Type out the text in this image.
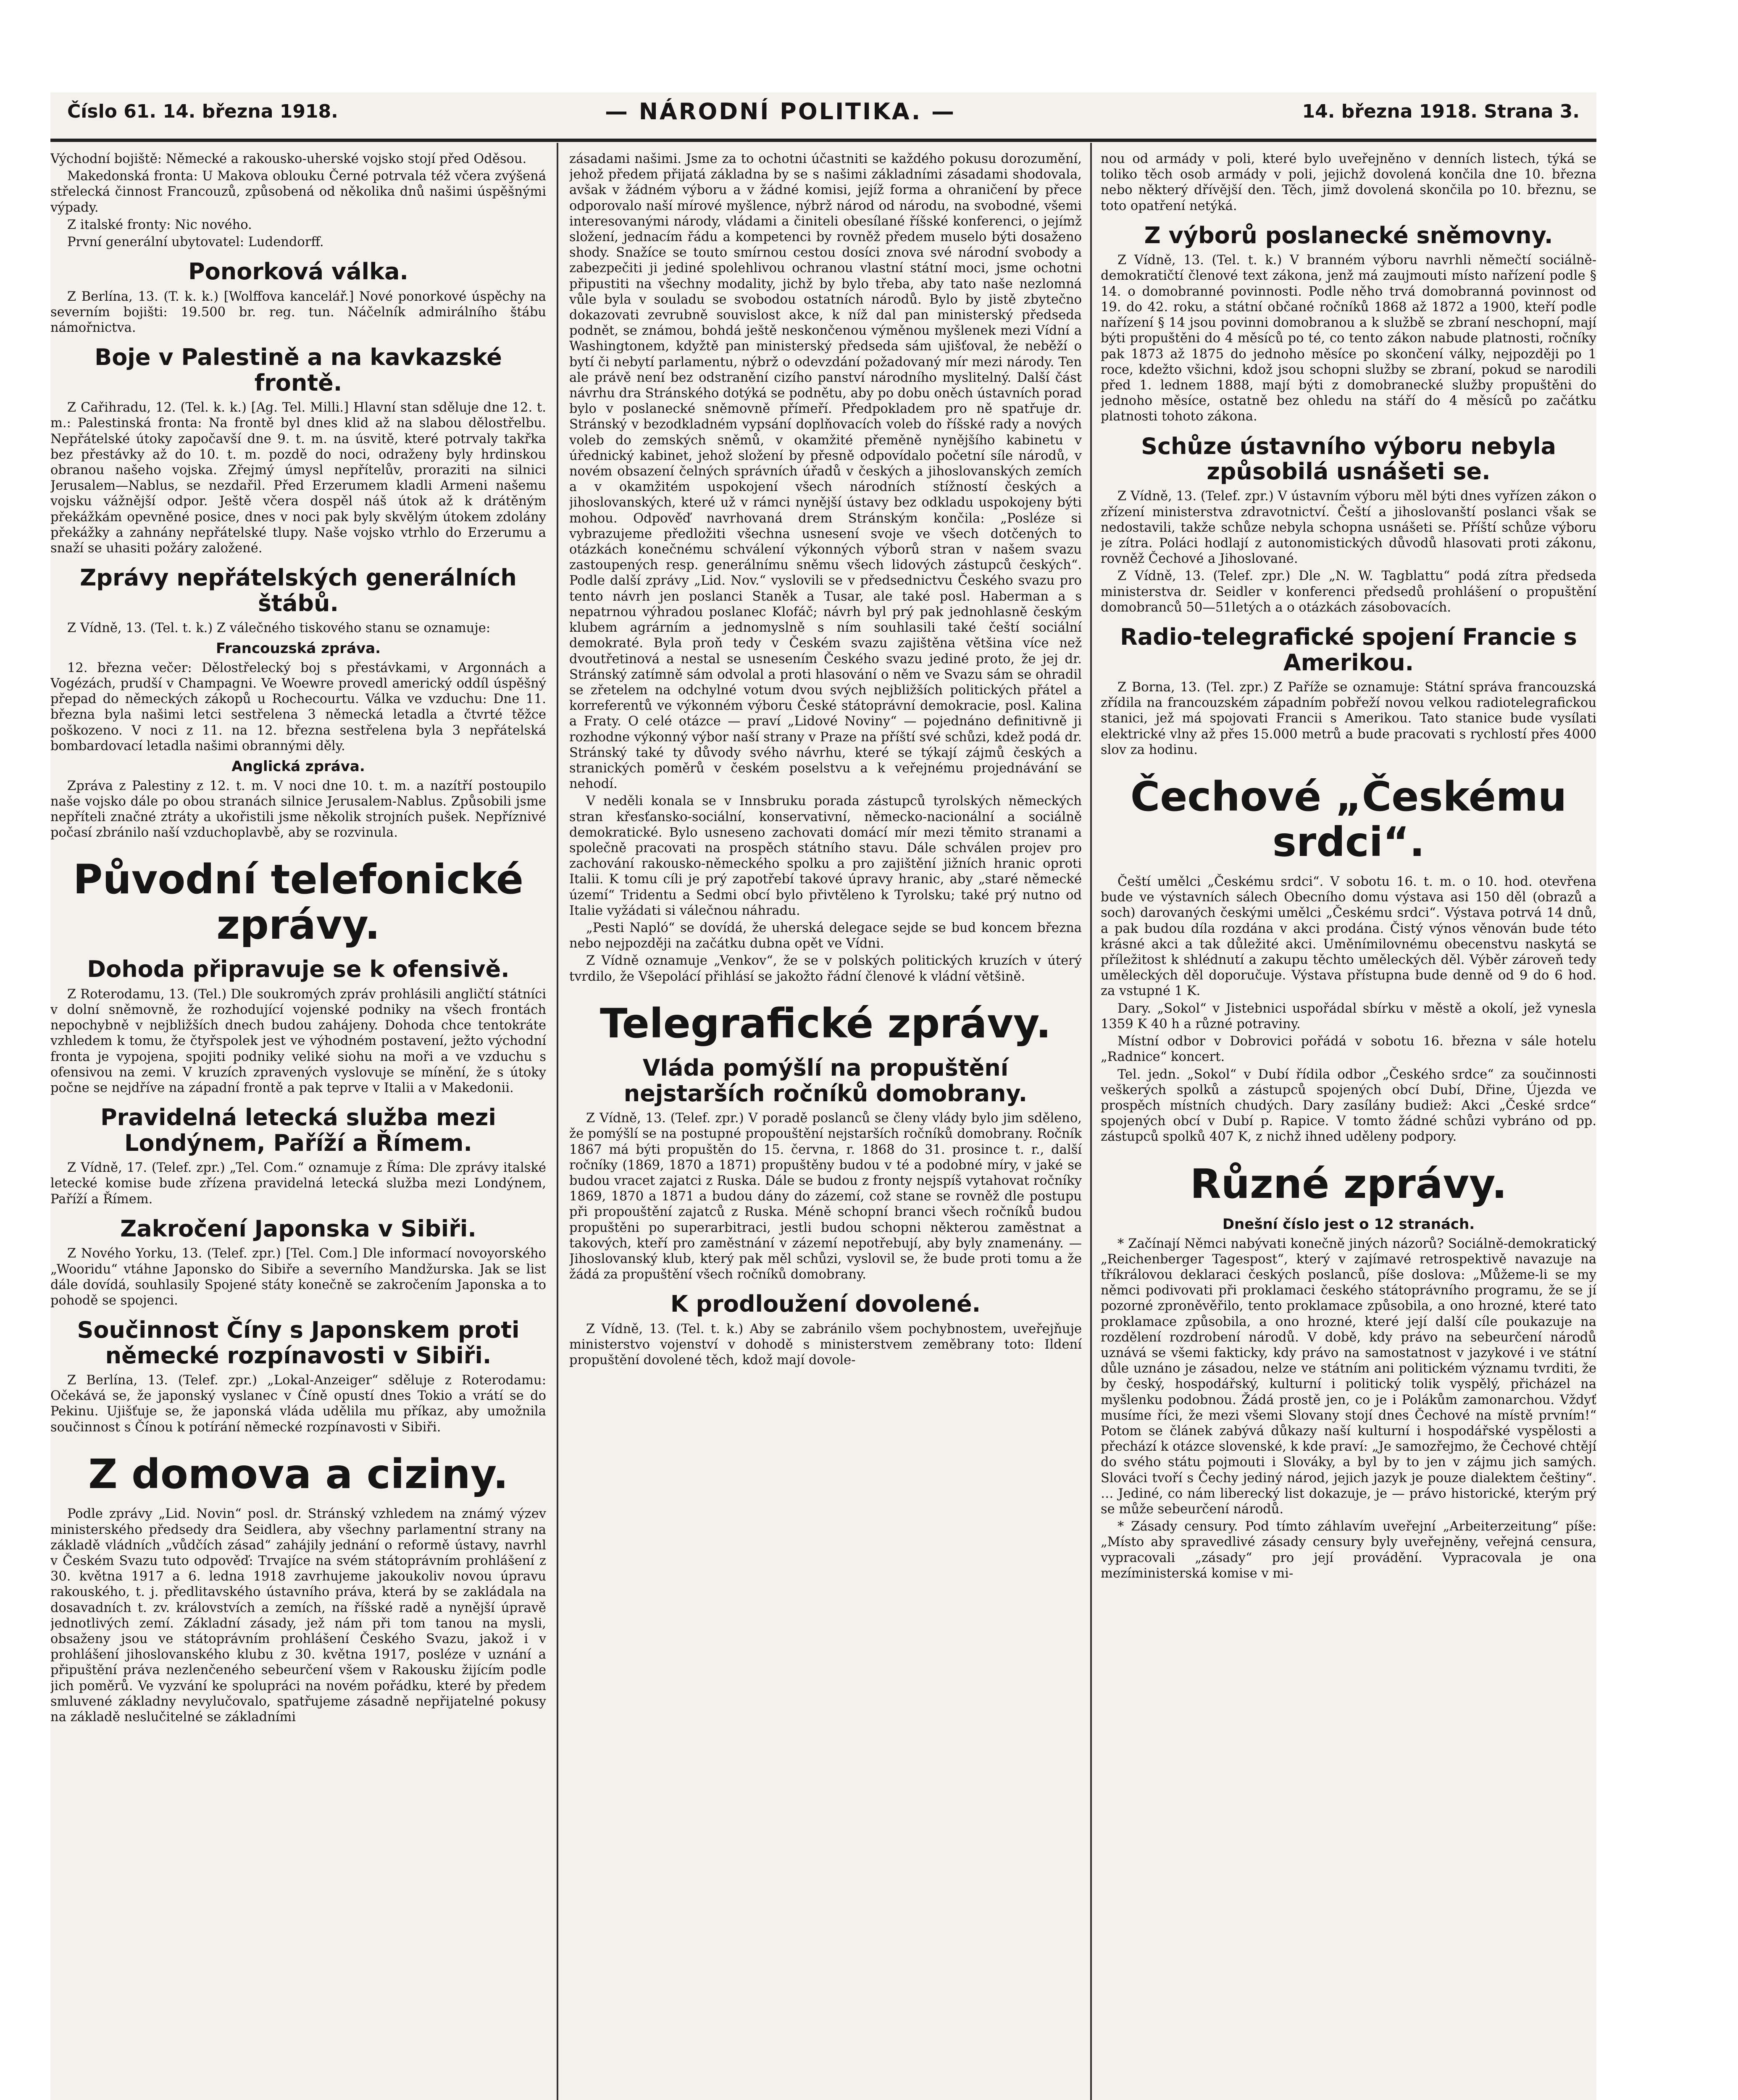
Číslo 61. 14. března 1918.	— NÁRODNÍ POLITIKA. —	14. března 1918. Strana 3.

Východní bojiště: Německé a rakousko-uherské vojsko stojí před Oděsou.

Makedonská fronta: U Makova oblouku Černé potrvala též včera zvýšená střelecká činnost Francouzů, způsobená od několika dnů našimi úspěšnými výpady.

Z italské fronty: Nic nového.

První generální ubytovatel: Ludendorff.

Ponorková válka.

Z Berlína, 13. (T. k. k.) [Wolffova kancelář.] Nové ponorkové úspěchy na severním bojišti: 19.500 br. reg. tun. Náčelník admirálního štábu námořnictva.

Boje v Palestině a na kavkazské frontě.

Z Cařihradu, 12. (Tel. k. k.) [Ag. Tel. Milli.] Hlavní stan sděluje dne 12. t. m.: Palestinská fronta: Na frontě byl dnes klid až na slabou dělostřelbu. Nepřátelské útoky započavší dne 9. t. m. na úsvitě, které potrvaly takřka bez přestávky až do 10. t. m. pozdě do noci, odraženy byly hrdinskou obranou našeho vojska. Zřejmý úmysl nepřítelův, proraziti na silnici Jerusalem—Nablus, se nezdařil. Před Erzerumem kladli Armeni našemu vojsku vážnější odpor. Ještě včera dospěl náš útok až k drátěným překážkám opevněné posice, dnes v noci pak byly skvělým útokem zdolány překážky a zahnány nepřátelské tlupy. Naše vojsko vtrhlo do Erzerumu a snaží se uhasiti požáry založené.

Zprávy nepřátelských generálních štábů.

Z Vídně, 13. (Tel. t. k.) Z válečného tiskového stanu se oznamuje:

Francouzská zpráva.

12. března večer: Dělostřelecký boj s přestávkami, v Argonnách a Vogézách, prudší v Champagni. Ve Woewre provedl americký oddíl úspěšný přepad do německých zákopů u Rochecourtu. Válka ve vzduchu: Dne 11. března byla našimi letci sestřelena 3 německá letadla a čtvrté těžce poškozeno. V noci z 11. na 12. března sestřelena byla 3 nepřátelská bombardovací letadla našimi obrannými děly.

Anglická zpráva.

Zpráva z Palestiny z 12. t. m. V noci dne 10. t. m. a nazítří postoupilo naše vojsko dále po obou stranách silnice Jerusalem-Nablus. Způsobili jsme nepříteli značné ztráty a ukořistili jsme několik strojních pušek. Nepříznivé počasí zbránilo naší vzduchoplavbě, aby se rozvinula.

Původní telefonické zprávy.
Dohoda připravuje se k ofensivě.

Z Roterodamu, 13. (Tel.) Dle soukromých zpráv prohlásili angličtí státníci v dolní sněmovně, že rozhodující vojenské podniky na všech frontách nepochybně v nejbližších dnech budou zahájeny. Dohoda chce tentokráte vzhledem k tomu, že čtyřspolek jest ve výhodném postavení, ježto východní fronta je vypojena, spojiti podniky veliké siohu na moři a ve vzduchu s ofensivou na zemi. V kruzích zpravených vyslovuje se mínění, že s útoky počne se nejdříve na západní frontě a pak teprve v Italii a v Makedonii.

Pravidelná letecká služba mezi Londýnem, Paříží a Římem.

Z Vídně, 17. (Telef. zpr.) „Tel. Com.“ oznamuje z Říma: Dle zprávy italské letecké komise bude zřízena pravidelná letecká služba mezi Londýnem, Paříží a Římem.

Zakročení Japonska v Sibiři.

Z Nového Yorku, 13. (Telef. zpr.) [Tel. Com.] Dle informací novoyorského „Wooridu“ vtáhne Japonsko do Sibiře a severního Mandžurska. Jak se list dále dovídá, souhlasily Spojené státy konečně se zakročením Japonska a to pohodě se spojenci.

Součinnost Číny s Japonskem proti německé rozpínavosti v Sibiři.

Z Berlína, 13. (Telef. zpr.) „Lokal-Anzeiger“ sděluje z Roterodamu: Očekává se, že japonský vyslanec v Číně opustí dnes Tokio a vrátí se do Pekinu. Ujišťuje se, že japonská vláda udělila mu příkaz, aby umožnila součinnost s Čínou k potírání německé rozpínavosti v Sibiři.

Z domova a ciziny.

Podle zprávy „Lid. Novin“ posl. dr. Stránský vzhledem na známý výzev ministerského předsedy dra Seidlera, aby všechny parlamentní strany na základě vládních „vůdčích zásad“ zahájily jednání o reformě ústavy, navrhl v Českém Svazu tuto odpověď: Trvajíce na svém státoprávním prohlášení z 30. května 1917 a 6. ledna 1918 zavrhujeme jakoukoliv novou úpravu rakouského, t. j. předlitavského ústavního práva, která by se zakládala na dosavadních t. zv. královstvích a zemích, na říšské radě a nynější úpravě jednotlivých zemí. Základní zásady, jež nám při tom tanou na mysli, obsaženy jsou ve státoprávním prohlášení Českého Svazu, jakož i v prohlášení jihoslovanského klubu z 30. května 1917, posléze v uznání a připuštění práva nezlenčeného sebeurčení všem v Rakousku žijícím podle jich poměrů. Ve vyzvání ke spolupráci na novém pořádku, které by předem smluvené základny nevylučovalo, spatřujeme zásadně nepřijatelné pokusy na základě neslučitelné se základními

zásadami našimi. Jsme za to ochotni účastniti se každého pokusu dorozumění, jehož předem přijatá základna by se s našimi základními zásadami shodovala, avšak v žádném výboru a v žádné komisi, jejíž forma a ohraničení by přece odporovalo naší mírové myšlence, nýbrž národ od národu, na svobodné, všemi interesovanými národy, vládami a činiteli obesílané říšské konferenci, o jejímž složení, jednacím řádu a kompetenci by rovněž předem muselo býti dosaženo shody. Snažíce se touto smírnou cestou dosíci znova své národní svobody a zabezpečiti ji jediné spolehlivou ochranou vlastní státní moci, jsme ochotni připustiti na všechny modality, jichž by bylo třeba, aby tato naše nezlomná vůle byla v souladu se svobodou ostatních národů. Bylo by jistě zbytečno dokazovati zevrubně souvislost akce, k níž dal pan ministerský předseda podnět, se známou, bohdá ještě neskončenou výměnou myšlenek mezi Vídní a Washingtonem, kdyžtě pan ministerský předseda sám ujišťoval, že neběží o bytí či nebytí parlamentu, nýbrž o odevzdání požadovaný mír mezi národy. Ten ale právě není bez odstranění cizího panství národního myslitelný. Další část návrhu dra Stránského dotýká se podnětu, aby po dobu oněch ústavních porad bylo v poslanecké sněmovně přímeří. Předpokladem pro ně spatřuje dr. Stránský v bezodkladném vypsání doplňovacích voleb do říšské rady a nových voleb do zemských sněmů, v okamžité přeměně nynějšího kabinetu v úřednický kabinet, jehož složení by přesně odpovídalo početní síle národů, v novém obsazení čelných správních úřadů v českých a jihoslovanských zemích a v okamžitém uspokojení všech národních stížností českých a jihoslovanských, které už v rámci nynější ústavy bez odkladu uspokojeny býti mohou. Odpověď navrhovaná drem Stránským končila: „Posléze si vybrazujeme předložiti všechna usnesení svoje ve všech dotčených to otázkách konečnému schválení výkonných výborů stran v našem svazu zastoupených resp. generálnímu sněmu všech lidových zástupců českých“. Podle další zprávy „Lid. Nov.“ vyslovili se v předsednictvu Českého svazu pro tento návrh jen poslanci Staněk a Tusar, ale také posl. Haberman a s nepatrnou výhradou poslanec Klofáč; návrh byl prý pak jednohlasně českým klubem agrárním a jednomyslně s ním souhlasili také čeští sociální demokraté. Byla proň tedy v Českém svazu zajištěna většina více než dvoutřetinová a nestal se usnesením Českého svazu jediné proto, že jej dr. Stránský zatímně sám odvolal a proti hlasování o něm ve Svazu sám se ohradil se zřetelem na odchylné votum dvou svých nejbližších politických přátel a korreferentů ve výkonném výboru České státoprávní demokracie, posl. Kalina a Fraty. O celé otázce — praví „Lidové Noviny“ — pojednáno definitivně ji rozhodne výkonný výbor naší strany v Praze na příští své schůzi, kdež podá dr. Stránský také ty důvody svého návrhu, které se týkají zájmů českých a stranických poměrů v českém poselstvu a k veřejnému projednávání se nehodí.

V neděli konala se v Innsbruku porada zástupců tyrolských německých stran křesťansko-sociální, konservativní, německo-nacionální a sociálně demokratické. Bylo usneseno zachovati domácí mír mezi těmito stranami a společně pracovati na prospěch státního stavu. Dále schválen projev pro zachování rakousko-německého spolku a pro zajištění jižních hranic oproti Italii. K tomu cíli je prý zapotřebí takové úpravy hranic, aby „staré německé území“ Tridentu a Sedmi obcí bylo přivtěleno k Tyrolsku; také prý nutno od Italie vyžádati si válečnou náhradu.

„Pesti Napló“ se dovídá, že uherská delegace sejde se bud koncem března nebo nejpozději na začátku dubna opět ve Vídni.

Z Vídně oznamuje „Venkov“, že se v polských politických kruzích v úterý tvrdilo, že Všepolácí přihlásí se jakožto řádní členové k vládní většině.

Telegrafické zprávy.
Vláda pomýšlí na propuštění nejstarších ročníků domobrany.

Z Vídně, 13. (Telef. zpr.) V poradě poslanců se členy vlády bylo jim sděleno, že pomýšlí se na postupné propouštění nejstarších ročníků domobrany. Ročník 1867 má býti propuštěn do 15. června, r. 1868 do 31. prosince t. r., další ročníky (1869, 1870 a 1871) propuštěny budou v té a podobné míry, v jaké se budou vracet zajatci z Ruska. Dále se budou z fronty nejspíš vytahovat ročníky 1869, 1870 a 1871 a budou dány do zázemí, což stane se rovněž dle postupu při propouštění zajatců z Ruska. Méně schopní branci všech ročníků budou propuštěni po superarbitraci, jestli budou schopni některou zaměstnat a takových, kteří pro zaměstnání v zázemí nepotřebují, aby byly znamenány. — Jihoslovanský klub, který pak měl schůzi, vyslovil se, že bude proti tomu a že žádá za propuštění všech ročníků domobrany.

K prodloužení dovolené.

Z Vídně, 13. (Tel. t. k.) Aby se zabránilo všem pochybnostem, uveřejňuje ministerstvo vojenství v dohodě s ministerstvem zeměbrany toto: Ildení propuštění dovolené těch, kdož mají dovole-

nou od armády v poli, které bylo uveřejněno v denních listech, týká se toliko těch osob armády v poli, jejichž dovolená končila dne 10. března nebo některý dřívější den. Těch, jimž dovolená skončila po 10. březnu, se toto opatření netýká.

Z výborů poslanecké sněmovny.

Z Vídně, 13. (Tel. t. k.) V branném výboru navrhli němečtí sociálně-demokratičtí členové text zákona, jenž má zaujmouti místo nařízení podle § 14. o domobranné povinnosti. Podle něho trvá domobranná povinnost od 19. do 42. roku, a státní občané ročníků 1868 až 1872 a 1900, kteří podle nařízení § 14 jsou povinni domobranou a k službě se zbraní neschopní, mají býti propuštěni do 4 měsíců po té, co tento zákon nabude platnosti, ročníky pak 1873 až 1875 do jednoho měsíce po skončení války, nejpozději po 1 roce, kdežto všichni, kdož jsou schopni služby se zbraní, pokud se narodili před 1. lednem 1888, mají býti z domobranecké služby propuštěni do jednoho měsíce, ostatně bez ohledu na stáří do 4 měsíců po začátku platnosti tohoto zákona.

Schůze ústavního výboru nebyla způsobilá usnášeti se.

Z Vídně, 13. (Telef. zpr.) V ústavním výboru měl býti dnes vyřízen zákon o zřízení ministerstva zdravotnictví. Čeští a jihoslovanští poslanci však se nedostavili, takže schůze nebyla schopna usnášeti se. Příští schůze výboru je zítra. Poláci hodlají z autonomistických důvodů hlasovati proti zákonu, rovněž Čechové a Jihoslované.

Z Vídně, 13. (Telef. zpr.) Dle „N. W. Tagblattu“ podá zítra předseda ministerstva dr. Seidler v konferenci předsedů prohlášení o propuštění domobranců 50—51letých a o otázkách zásobovacích.

Radio-telegrafické spojení Francie s Amerikou.

Z Borna, 13. (Tel. zpr.) Z Paříže se oznamuje: Státní správa francouzská zřídila na francouzském západním pobřeží novou velkou radiotelegrafickou stanici, jež má spojovati Francii s Amerikou. Tato stanice bude vysílati elektrické vlny až přes 15.000 metrů a bude pracovati s rychlostí přes 4000 slov za hodinu.

Čechové „Českému srdci“.

Čeští umělci „Českému srdci“. V sobotu 16. t. m. o 10. hod. otevřena bude ve výstavních sálech Obecního domu výstava asi 150 děl (obrazů a soch) darovaných českými umělci „Českému srdci“. Výstava potrvá 14 dnů, a pak budou díla rozdána v akci prodána. Čistý výnos věnován bude této krásné akci a tak důležité akci. Uměnímilovnému obecenstvu naskytá se příležitost k shlédnutí a zakupu těchto uměleckých děl. Výběr zároveň tedy uměleckých děl doporučuje. Výstava přístupna bude denně od 9 do 6 hod. za vstupné 1 K.

Dary. „Sokol“ v Jistebnici uspořádal sbírku v městě a okolí, jež vynesla 1359 K 40 h a různé potraviny.

Místní odbor v Dobrovici pořádá v sobotu 16. března v sále hotelu „Radnice“ koncert.

Tel. jedn. „Sokol“ v Dubí řídila odbor „Českého srdce“ za součinnosti veškerých spolků a zástupců spojených obcí Dubí, Dřine, Újezda ve prospěch místních chudých. Dary zasílány budiež: Akci „České srdce“ spojených obcí v Dubí p. Rapice. V tomto žádné schůzi vybráno od pp. zástupců spolků 407 K, z nichž ihned uděleny podpory.

Různé zprávy.
Dnešní číslo jest o 12 stranách.

* Začínají Němci nabývati konečně jiných názorů? Sociálně-demokratický „Reichenberger Tagespost“, který v zajímavé retrospektivě navazuje na tříkrálovou deklaraci českých poslanců, píše doslova: „Můžeme-li se my němci podivovati při proklamaci českého státoprávního programu, že se jí pozorné zproněvěřilo, tento proklamace způsobila, a ono hrozné, které tato proklamace způsobila, a ono hrozné, které její další cíle poukazuje na rozdělení rozdrobení národů. V době, kdy právo na sebeurčení národů uznává se všemi fakticky, kdy právo na samostatnost v jazykové i ve státní důle uznáno je zásadou, nelze ve státním ani politickém významu tvrditi, že by český, hospodářský, kulturní i politický tolik vyspělý, přicházel na myšlenku podobnou. Žádá prostě jen, co je i Polákům zamonarchou. Vždyť musíme říci, že mezi všemi Slovany stojí dnes Čechové na místě prvním!“ Potom se článek zabývá důkazy naší kulturní i hospodářské vyspělosti a přechází k otázce slovenské, k kde praví: „Je samozřejmo, že Čechové chtějí do svého státu pojmouti i Slováky, a byl by to jen v zájmu jich samých. Slováci tvoří s Čechy jediný národ, jejich jazyk je pouze dialektem češtiny“. … Jediné, co nám liberecký list dokazuje, je — právo historické, kterým prý se může sebeurčení národů.

* Zásady censury. Pod tímto záhlavím uveřejní „Arbeiterzeitung“ píše: „Místo aby spravedlivé zásady censury byly uveřejněny, veřejná censura, vypracovali „zásady“ pro její provádění. Vypracovala je ona mezíministerská komise v mi-
